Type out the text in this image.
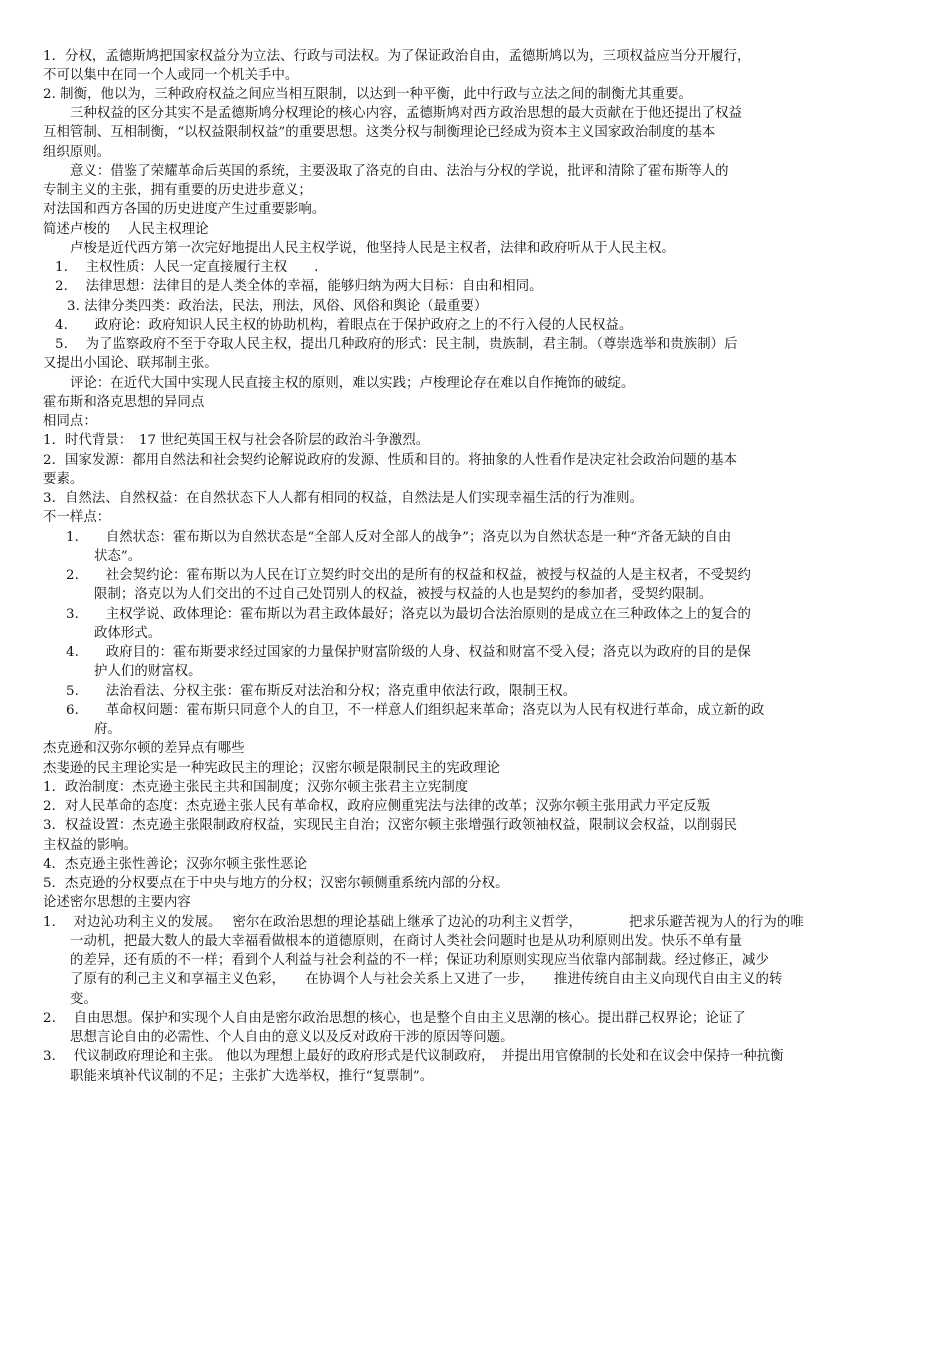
1．分权，孟德斯鸠把国家权益分为立法、行政与司法权。为了保证政治自由，孟德斯鸠以为，三项权益应当分开履行，
不可以集中在同一个人或同一个机关手中。
2. 制衡，他以为，三种政府权益之间应当相互限制，以达到一种平衡，此中行政与立法之间的制衡尤其重要。
三种权益的区分其实不是孟德斯鸠分权理论的核心内容，孟德斯鸠对西方政治思想的最大贡献在于他还提出了权益
互相管制、互相制衡，“以权益限制权益”的重要思想。这类分权与制衡理论已经成为资本主义国家政治制度的基本
组织原则。
意义：借鉴了荣耀革命后英国的系统，主要汲取了洛克的自由、法治与分权的学说，批评和清除了霍布斯等人的
专制主义的主张，拥有重要的历史进步意义；
对法国和西方各国的历史进度产生过重要影响。
简述卢梭的　 人民主权理论
卢梭是近代西方第一次完好地提出人民主权学说，他坚持人民是主权者，法律和政府听从于人民主权。
1.　 主权性质：人民一定直接履行主权　　.
2.　 法律思想：法律目的是人类全体的幸福，能够归纳为两大目标：自由和相同。
3. 法律分类四类：政治法，民法，刑法，风俗、风俗和舆论（最重要）
4.　　政府论：政府知识人民主权的协助机构，着眼点在于保护政府之上的不行入侵的人民权益。
5.　 为了监察政府不至于夺取人民主权，提出几种政府的形式：民主制，贵族制，君主制。（尊崇选举和贵族制）后
又提出小国论、联邦制主张。
评论：在近代大国中实现人民直接主权的原则，难以实践；卢梭理论存在难以自作掩饰的破绽。
霍布斯和洛克思想的异同点
相同点：
1．时代背景：　17 世纪英国王权与社会各阶层的政治斗争激烈。
2．国家发源：都用自然法和社会契约论解说政府的发源、性质和目的。将抽象的人性看作是决定社会政治问题的基本
要素。
3．自然法、自然权益：在自然状态下人人都有相同的权益，自然法是人们实现幸福生活的行为准则。
不一样点：
1.　　自然状态：霍布斯以为自然状态是“全部人反对全部人的战争”；洛克以为自然状态是一种“齐备无缺的自由
状态”。
2.　　社会契约论：霍布斯以为人民在订立契约时交出的是所有的权益和权益，被授与权益的人是主权者，不受契约
限制；洛克以为人们交出的不过自己处罚别人的权益，被授与权益的人也是契约的参加者，受契约限制。
3.　　主权学说、政体理论：霍布斯以为君主政体最好；洛克以为最切合法治原则的是成立在三种政体之上的复合的
政体形式。
4.　　政府目的：霍布斯要求经过国家的力量保护财富阶级的人身、权益和财富不受入侵；洛克以为政府的目的是保
护人们的财富权。
5.　　法治看法、分权主张：霍布斯反对法治和分权；洛克重申依法行政，限制王权。
6.　　革命权问题：霍布斯只同意个人的自卫，不一样意人们组织起来革命；洛克以为人民有权进行革命，成立新的政
府。
杰克逊和汉弥尔顿的差异点有哪些
杰斐逊的民主理论实是一种宪政民主的理论；汉密尔顿是限制民主的宪政理论
1．政治制度：杰克逊主张民主共和国制度；汉弥尔顿主张君主立宪制度
2．对人民革命的态度：杰克逊主张人民有革命权，政府应侧重宪法与法律的改革；汉弥尔顿主张用武力平定反叛
3．权益设置：杰克逊主张限制政府权益，实现民主自治；汉密尔顿主张增强行政领袖权益，限制议会权益，以削弱民
主权益的影响。
4．杰克逊主张性善论；汉弥尔顿主张性恶论
5．杰克逊的分权要点在于中央与地方的分权；汉密尔顿侧重系统内部的分权。
论述密尔思想的主要内容
1.　 对边沁功利主义的发展。　 密尔在政治思想的理论基础上继承了边沁的功利主义哲学，　　　　把求乐避苦视为人的行为的唯
一动机，把最大数人的最大幸福看做根本的道德原则，在商讨人类社会问题时也是从功利原则出发。快乐不单有量
的差异，还有质的不一样；看到个人利益与社会利益的不一样；保证功利原则实现应当依靠内部制裁。经过修正，减少
了原有的利己主义和享福主义色彩，　　在协调个人与社会关系上又进了一步，　　推进传统自由主义向现代自由主义的转
变。
2.　 自由思想。保护和实现个人自由是密尔政治思想的核心，也是整个自由主义思潮的核心。提出群己权界论；论证了
思想言论自由的必需性、个人自由的意义以及反对政府干涉的原因等问题。
3.　 代议制政府理论和主张。 他以为理想上最好的政府形式是代议制政府，　并提出用官僚制的长处和在议会中保持一种抗衡
职能来填补代议制的不足；主张扩大选举权，推行“复票制”。
